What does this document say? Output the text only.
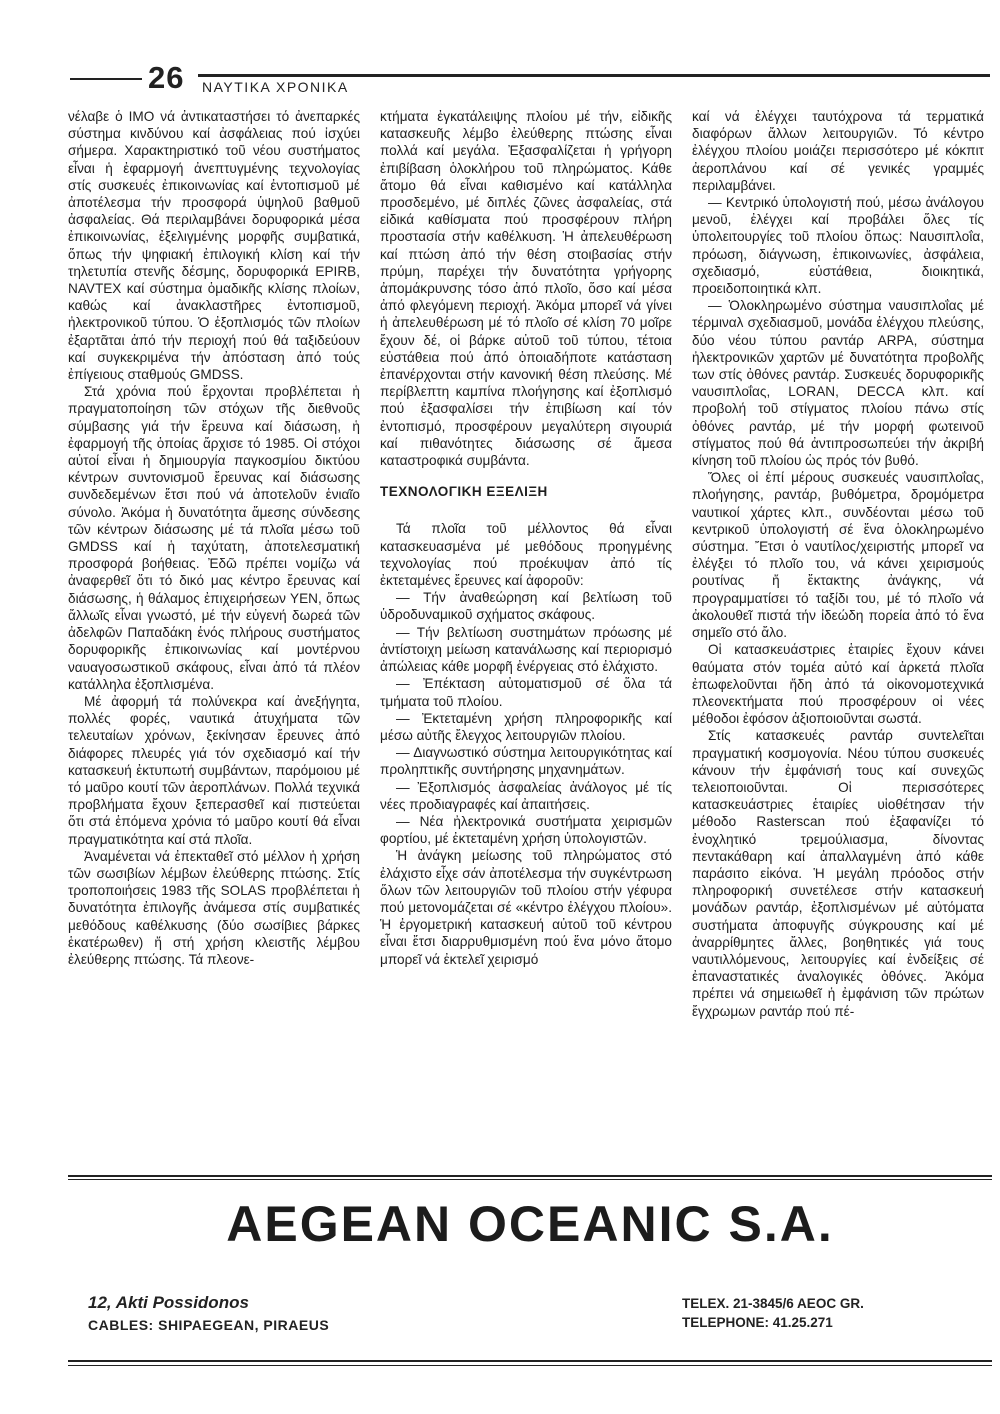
26 ΝΑΥΤΙΚΑ ΧΡΟΝΙΚΑ

νέλαβε ὁ ΙΜΟ νά ἀντικαταστήσει τό ἀνεπαρκές σύστημα κινδύνου καί ἀσφάλειας πού ἰσχύει σήμερα. Χαρακτηριστικό τοῦ νέου συστήματος εἶναι ἡ ἐφαρμογή ἀνεπτυγμένης τεχνολογίας στίς συσκευές ἐπικοινωνίας καί ἐντοπισμοῦ μέ ἀποτέλεσμα τήν προσφορά ὑψηλοῦ βαθμοῦ ἀσφαλείας. Θά περιλαμβάνει δορυφορικά μέσα ἐπικοινωνίας, ἐξελιγμένης μορφῆς συμβατικά, ὅπως τήν ψηφιακή ἐπιλογική κλίση καί τήν τηλετυπία στενῆς δέσμης, δορυφορικά EPIRB, NAVTEX καί σύστημα ὁμαδικῆς κλίσης πλοίων, καθώς καί ἀνακλαστῆρες ἐντοπισμοῦ, ἠλεκτρονικοῦ τύπου. Ὁ ἐξοπλισμός τῶν πλοίων ἐξαρτᾶται ἀπό τήν περιοχή πού θά ταξιδεύουν καί συγκεκριμένα τήν ἀπόσταση ἀπό τούς ἐπίγειους σταθμούς GMDSS.

Στά χρόνια πού ἔρχονται προβλέπεται ἡ πραγματοποίηση τῶν στόχων τῆς διεθνοῦς σύμβασης γιά τήν ἔρευνα καί διάσωση, ἡ ἐφαρμογή τῆς ὁποίας ἄρχισε τό 1985. Οἱ στόχοι αὐτοί εἶναι ἡ δημιουργία παγκοσμίου δικτύου κέντρων συντονισμοῦ ἔρευνας καί διάσωσης συνδεδεμένων ἔτσι πού νά ἀποτελοῦν ἑνιαῖο σύνολο. Ἀκόμα ἡ δυνατότητα ἄμεσης σύνδεσης τῶν κέντρων διάσωσης μέ τά πλοῖα μέσω τοῦ GMDSS καί ἡ ταχύτατη, ἀποτελεσματική προσφορά βοήθειας. Ἐδῶ πρέπει νομίζω νά ἀναφερθεῖ ὅτι τό δικό μας κέντρο ἔρευνας καί διάσωσης, ἡ θάλαμος ἐπιχειρήσεων ΥΕΝ, ὅπως ἄλλωῖς εἶναι γνωστό, μέ τήν εὐγενή δωρεά τῶν ἀδελφῶν Παπαδάκη ἑνός πλήρους συστήματος δορυφορικῆς ἐπικοινωνίας καί μοντέρνου ναυαγοσωστικοῦ σκάφους, εἶναι ἀπό τά πλέον κατάλληλα ἐξοπλισμένα.

Μέ ἀφορμή τά πολύνεκρα καί ἀνεξήγητα, πολλές φορές, ναυτικά ἀτυχήματα τῶν τελευταίων χρόνων, ξεκίνησαν ἔρευνες ἀπό διάφορες πλευρές γιά τόν σχεδιασμό καί τήν κατασκευή ἐκτυπωτή συμβάντων, παρόμοιου μέ τό μαῦρο κουτί τῶν ἀεροπλάνων. Πολλά τεχνικά προβλήματα ἔχουν ξεπερασθεῖ καί πιστεύεται ὅτι στά ἑπόμενα χρόνια τό μαῦρο κουτί θά εἶναι πραγματικότητα καί στά πλοῖα.

Ἀναμένεται νά ἐπεκταθεῖ στό μέλλον ἡ χρήση τῶν σωσιβίων λέμβων ἐλεύθερης πτώσης. Στίς τροποποιήσεις 1983 τῆς SOLAS προβλέπεται ἡ δυνατότητα ἐπιλογῆς ἀνάμεσα στίς συμβατικές μεθόδους καθέλκυσης (δύο σωσίβιες βάρκες ἑκατέρωθεν) ἤ στή χρήση κλειστῆς λέμβου ἐλεύθερης πτώσης. Τά πλεονε-

κτήματα ἐγκατάλειψης πλοίου μέ τήν, εἰδικῆς κατασκευῆς λέμβο ἐλεύθερης πτώσης εἶναι πολλά καί μεγάλα. Ἐξασφαλίζεται ἡ γρήγορη ἐπιβίβαση ὁλοκλήρου τοῦ πληρώματος. Κάθε ἄτομο θά εἶναι καθισμένο καί κατάλληλα προσδεμένο, μέ διπλές ζῶνες ἀσφαλείας, στά εἰδικά καθίσματα πού προσφέρουν πλήρη προστασία στήν καθέλκυση. Ἡ ἀπελευθέρωση καί πτώση ἀπό τήν θέση στοιβασίας στήν πρύμη, παρέχει τήν δυνατότητα γρήγορης ἀπομάκρυνσης τόσο ἀπό πλοῖο, ὅσο καί μέσα ἀπό φλεγόμενη περιοχή. Ἀκόμα μπορεῖ νά γίνει ἡ ἀπελευθέρωση μέ τό πλοῖο σέ κλίση 70 μοῖρε ἔχουν δέ, οἱ βάρκε αὐτοῦ τοῦ τύπου, τέτοια εὐστάθεια πού ἀπό ὁποιαδήποτε κατάσταση ἐπανέρχονται στήν κανονική θέση πλεύσης. Μέ περίβλεπτη καμπίνα πλοήγησης καί ἐξοπλισμό πού ἐξασφαλίσει τήν ἐπιβίωση καί τόν ἐντοπισμό, προσφέρουν μεγαλύτερη σιγουριά καί πιθανότητες διάσωσης σέ ἄμεσα καταστροφικά συμβάντα.

ΤΕΧΝΟΛΟΓΙΚΗ ΕΞΕΛΙΞΗ

Τά πλοῖα τοῦ μέλλοντος θά εἶναι κατασκευασμένα μέ μεθόδους προηγμένης τεχνολογίας πού προέκυψαν ἀπό τίς ἐκτεταμένες ἔρευνες καί ἀφοροῦν:

— Τήν ἀναθεώρηση καί βελτίωση τοῦ ὑδροδυναμικοῦ σχήματος σκάφους.

— Τήν βελτίωση συστημάτων πρόωσης μέ ἀντίστοιχη μείωση κατανάλωσης καί περιορισμό ἀπώλειας κάθε μορφῆ ἐνέργειας στό ἐλάχιστο.

— Ἐπέκταση αὐτοματισμοῦ σέ ὅλα τά τμήματα τοῦ πλοίου.

— Ἐκτεταμένη χρήση πληροφορικῆς καί μέσω αὐτῆς ἔλεγχος λειτουργιῶν πλοίου.

— Διαγνωστικό σύστημα λειτουργικότητας καί προληπτικῆς συντήρησης μηχανημάτων.

— Ἐξοπλισμός ἀσφαλείας ἀνάλογος μέ τίς νέες προδιαγραφές καί ἀπαιτήσεις.

— Νέα ἠλεκτρονικά συστήματα χειρισμῶν φορτίου, μέ ἐκτεταμένη χρήση ὑπολογιστῶν.

Ἡ ἀνάγκη μείωσης τοῦ πληρώματος στό ἐλάχιστο εἶχε σάν ἀποτέλεσμα τήν συγκέντρωση ὅλων τῶν λειτουργιῶν τοῦ πλοίου στήν γέφυρα πού μετονομάζεται σέ «κέντρο ἐλέγχου πλοίου». Ἡ ἐργομετρική κατασκευή αὐτοῦ τοῦ κέντρου εἶναι ἔτσι διαρρυθμισμένη πού ἕνα μόνο ἄτομο μπορεῖ νά ἐκτελεῖ χειρισμό

καί νά ἐλέγχει ταυτόχρονα τά τερματικά διαφόρων ἄλλων λειτουργιῶν. Τό κέντρο ἐλέγχου πλοίου μοιάζει περισσότερο μέ κόκπιτ ἀεροπλάνου καί σέ γενικές γραμμές περιλαμβάνει.

— Κεντρικό ὑπολογιστή πού, μέσω ἀνάλογου μενοῦ, ἐλέγχει καί προβάλει ὅλες τίς ὑπολειτουργίες τοῦ πλοίου ὅπως: Ναυσιπλοΐα, πρόωση, διάγνωση, ἐπικοινωνίες, ἀσφάλεια, σχεδιασμό, εὐστάθεια, διοικητικά, προειδοποιητικά κλπ.

— Ὁλοκληρωμένο σύστημα ναυσιπλοΐας μέ τέρμιναλ σχεδιασμοῦ, μονάδα ἐλέγχου πλεύσης, δύο νέου τύπου ραντάρ ARPA, σύστημα ἠλεκτρονικῶν χαρτῶν μέ δυνατότητα προβολῆς των στίς ὀθόνες ραντάρ. Συσκευές δορυφορικῆς ναυσιπλοΐας, LORAN, DECCA κλπ. καί προβολή τοῦ στίγματος πλοίου πάνω στίς ὀθόνες ραντάρ, μέ τήν μορφή φωτεινοῦ στίγματος πού θά ἀντιπροσωπεύει τήν ἀκριβή κίνηση τοῦ πλοίου ὡς πρός τόν βυθό.

Ὅλες οἱ ἐπί μέρους συσκευές ναυσιπλοΐας, πλοήγησης, ραντάρ, βυθόμετρα, δρομόμετρα ναυτικοί χάρτες κλπ., συνδέονται μέσω τοῦ κεντρικοῦ ὑπολογιστή σέ ἕνα ὁλοκληρωμένο σύστημα. Ἔτσι ὁ ναυτίλος/χειριστής μπορεῖ να ἐλέγξει τό πλοῖο του, νά κάνει χειρισμούς ρουτίνας ἤ ἔκτακτης ἀνάγκης, νά προγραμματίσει τό ταξίδι του, μέ τό πλοῖο νά ἀκολουθεῖ πιστά τήν ἰδεώδη πορεία ἀπό τό ἕνα σημεῖο στό ἄλο.

Οἱ κατασκευάστριες ἑταιρίες ἔχουν κάνει θαύματα στόν τομέα αὐτό καί ἀρκετά πλοῖα ἐπωφελοῦνται ἤδη ἀπό τά οἰκονομοτεχνικά πλεονεκτήματα πού προσφέρουν οἱ νέες μέθοδοι ἐφόσον ἀξιοποιοῦνται σωστά.

Στίς κατασκευές ραντάρ συντελεῖται πραγματική κοσμογονία. Νέου τύπου συσκευές κάνουν τήν ἐμφάνισή τους καί συνεχῶς τελειοποιοῦνται. Οἱ περισσότερες κατασκευάστριες ἑταιρίες υἱοθέτησαν τήν μέθοδο Rasterscan πού ἐξαφανίζει τό ἐνοχλητικό τρεμούλιασμα, δίνοντας πεντακάθαρη καί ἀπαλλαγμένη ἀπό κάθε παράσιτο εἰκόνα. Ἡ μεγάλη πρόοδος στήν πληροφορική συνετέλεσε στήν κατασκευή μονάδων ραντάρ, ἐξοπλισμένων μέ αὐτόματα συστήματα ἀποφυγῆς σύγκρουσης καί μέ ἀναρρίθμητες ἄλλες, βοηθητικές γιά τους ναυτιλλόμενους, λειτουργίες καί ἐνδείξεις σέ ἐπαναστατικές ἀναλογικές ὀθόνες. Ἀκόμα πρέπει νά σημειωθεῖ ἡ ἐμφάνιση τῶν πρώτων ἔγχρωμων ραντάρ πού πέ-

AEGEAN OCEANIC S.A.
12, Akti Possidonos
CABLES: SHIPAEGEAN, PIRAEUS
TELEX. 21-3845/6 AEOC GR.
TELEPHONE: 41.25.271
